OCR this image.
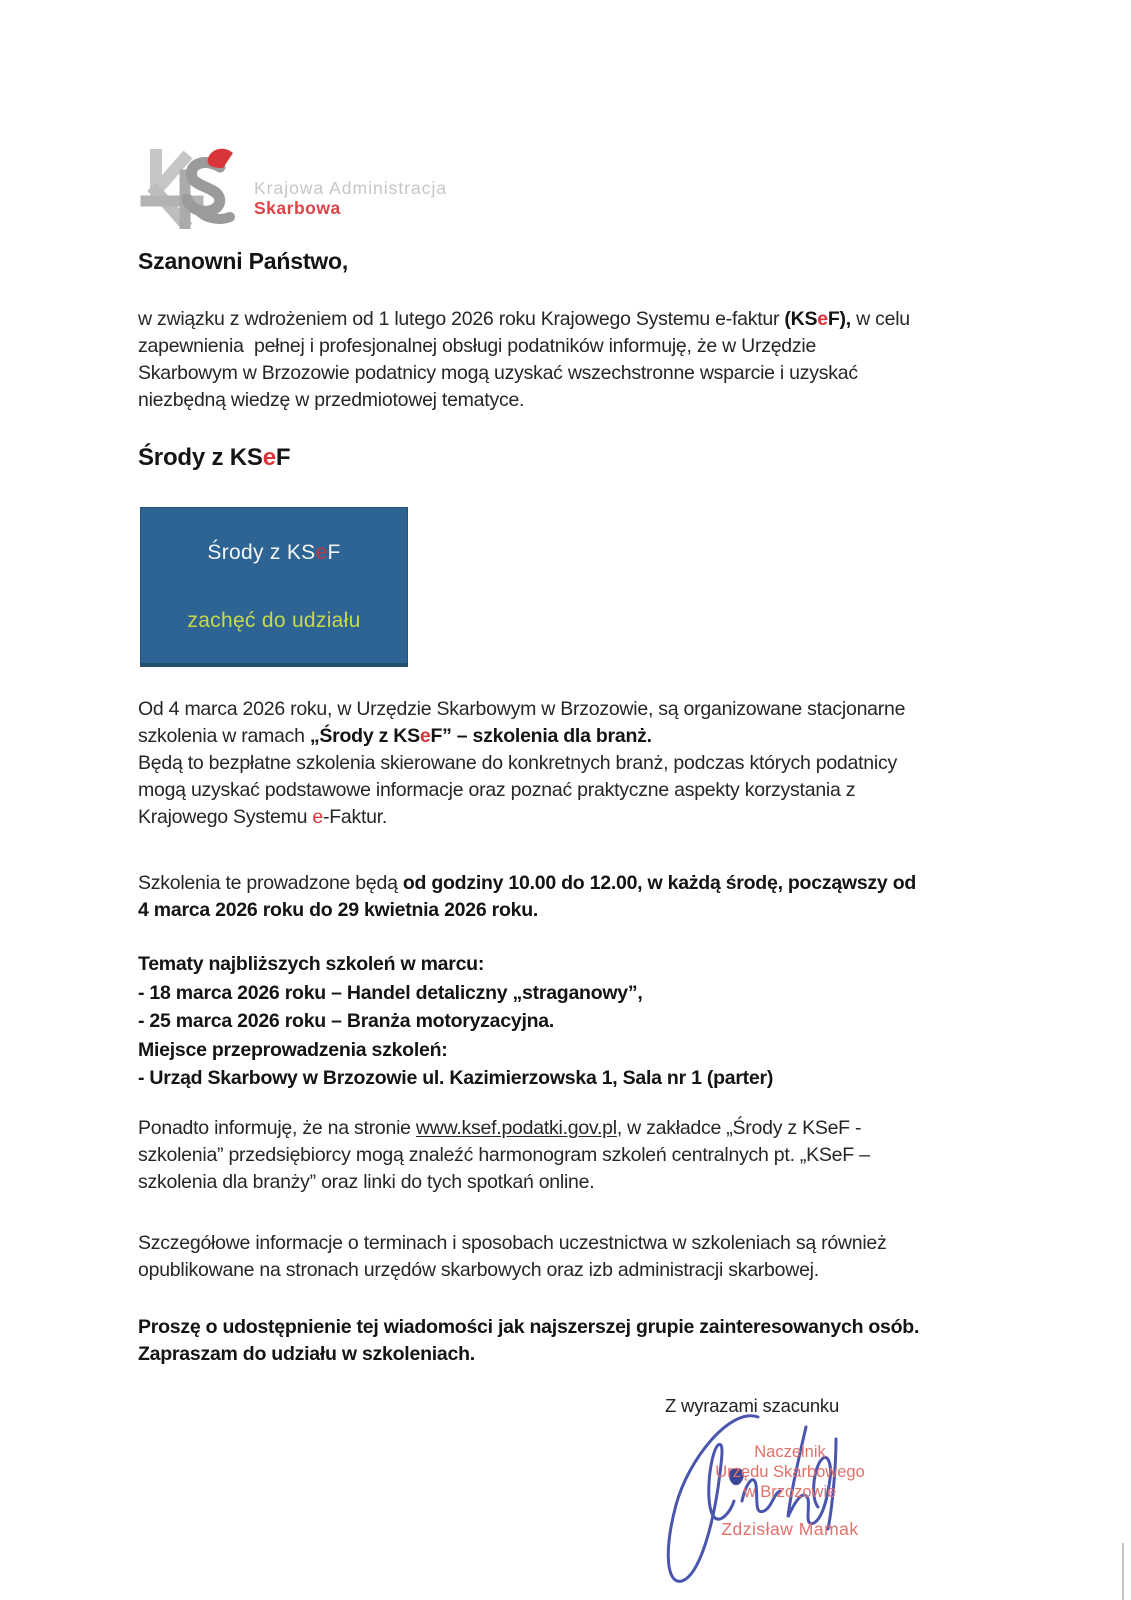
Krajowa Administracja
Skarbowa
Szanowni Państwo,
w związku z wdrożeniem od 1 lutego 2026 roku Krajowego Systemu e-faktur (KSeF), w celu
zapewnienia  pełnej i profesjonalnej obsługi podatników informuję, że w Urzędzie
Skarbowym w Brzozowie podatnicy mogą uzyskać wszechstronne wsparcie i uzyskać
niezbędną wiedzę w przedmiotowej tematyce.
Środy z KSeF
Środy z KSeF
zachęć do udziału
Od 4 marca 2026 roku, w Urzędzie Skarbowym w Brzozowie, są organizowane stacjonarne
szkolenia w ramach „Środy z KSeF” – szkolenia dla branż.
Będą to bezpłatne szkolenia skierowane do konkretnych branż, podczas których podatnicy
mogą uzyskać podstawowe informacje oraz poznać praktyczne aspekty korzystania z
Krajowego Systemu e-Faktur.
Szkolenia te prowadzone będą od godziny 10.00 do 12.00, w każdą środę, począwszy od
4 marca 2026 roku do 29 kwietnia 2026 roku.
Tematy najbliższych szkoleń w marcu:
- 18 marca 2026 roku – Handel detaliczny „straganowy”,
- 25 marca 2026 roku – Branża motoryzacyjna.
Miejsce przeprowadzenia szkoleń:
- Urząd Skarbowy w Brzozowie ul. Kazimierzowska 1, Sala nr 1 (parter)
Ponadto informuję, że na stronie www.ksef.podatki.gov.pl, w zakładce „Środy z KSeF -
szkolenia” przedsiębiorcy mogą znaleźć harmonogram szkoleń centralnych pt. „KSeF –
szkolenia dla branży” oraz linki do tych spotkań online.
Szczegółowe informacje o terminach i sposobach uczestnictwa w szkoleniach są również
opublikowane na stronach urzędów skarbowych oraz izb administracji skarbowej.
Proszę o udostępnienie tej wiadomości jak najszerszej grupie zainteresowanych osób.
Zapraszam do udziału w szkoleniach.
Z wyrazami szacunku
Naczelnik
Urzędu Skarbowego
w Brzozowie
Zdzisław Mamak
